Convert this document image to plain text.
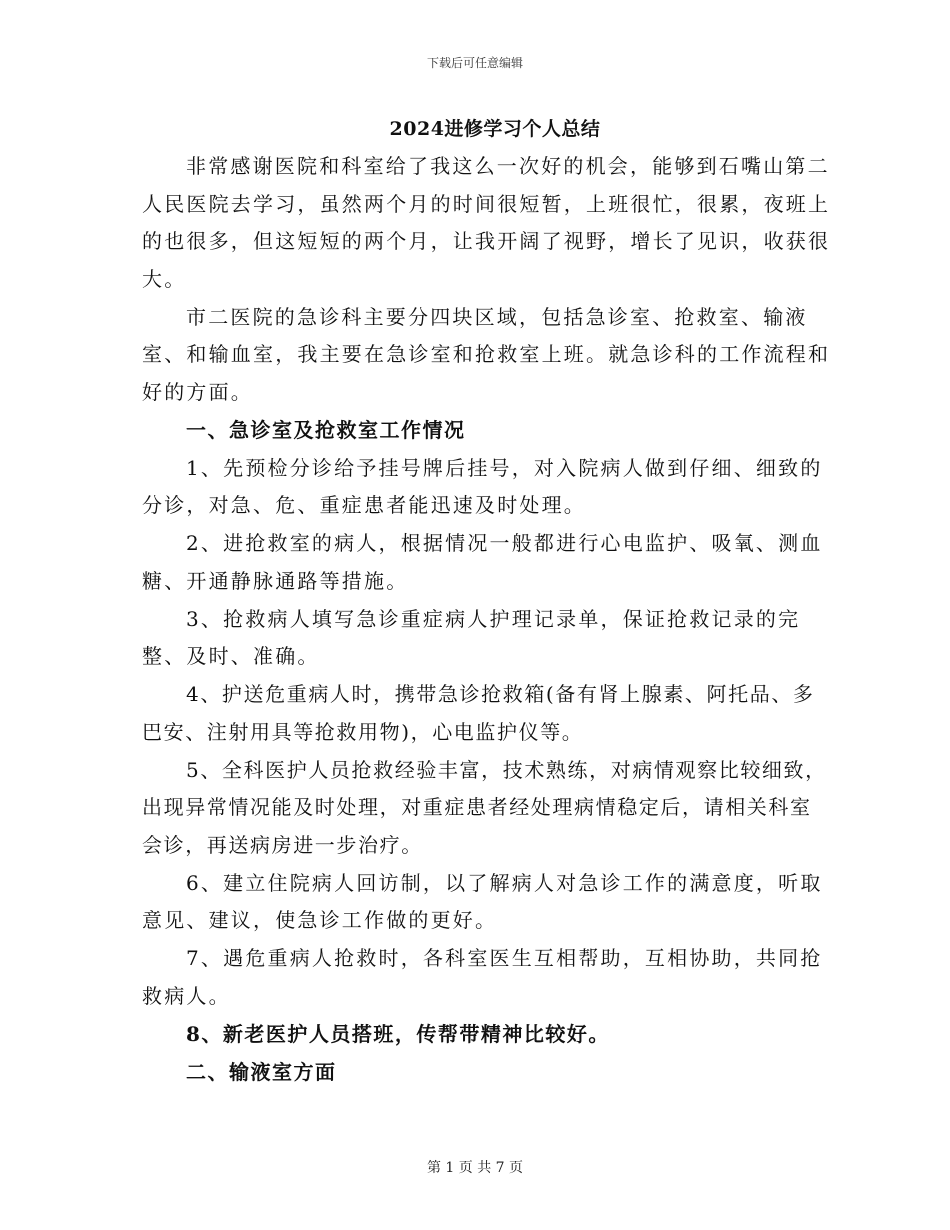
下载后可任意编辑
2024进修学习个人总结

非常感谢医院和科室给了我这么一次好的机会，能够到石嘴山第二人民医院去学习，虽然两个月的时间很短暂，上班很忙，很累，夜班上的也很多，但这短短的两个月，让我开阔了视野，增长了见识，收获很大。

市二医院的急诊科主要分四块区域，包括急诊室、抢救室、输液室、和输血室，我主要在急诊室和抢救室上班。就急诊科的工作流程和好的方面。

一、急诊室及抢救室工作情况

1、先预检分诊给予挂号牌后挂号，对入院病人做到仔细、细致的分诊，对急、危、重症患者能迅速及时处理。

2、进抢救室的病人，根据情况一般都进行心电监护、吸氧、测血糖、开通静脉通路等措施。

3、抢救病人填写急诊重症病人护理记录单，保证抢救记录的完整、及时、准确。

4、护送危重病人时，携带急诊抢救箱(备有肾上腺素、阿托品、多巴安、注射用具等抢救用物)，心电监护仪等。

5、全科医护人员抢救经验丰富，技术熟练，对病情观察比较细致，出现异常情况能及时处理，对重症患者经处理病情稳定后，请相关科室会诊，再送病房进一步治疗。

6、建立住院病人回访制，以了解病人对急诊工作的满意度，听取意见、建议，使急诊工作做的更好。

7、遇危重病人抢救时，各科室医生互相帮助，互相协助，共同抢救病人。

8、新老医护人员搭班，传帮带精神比较好。

二、输液室方面

第 1 页 共 7 页
